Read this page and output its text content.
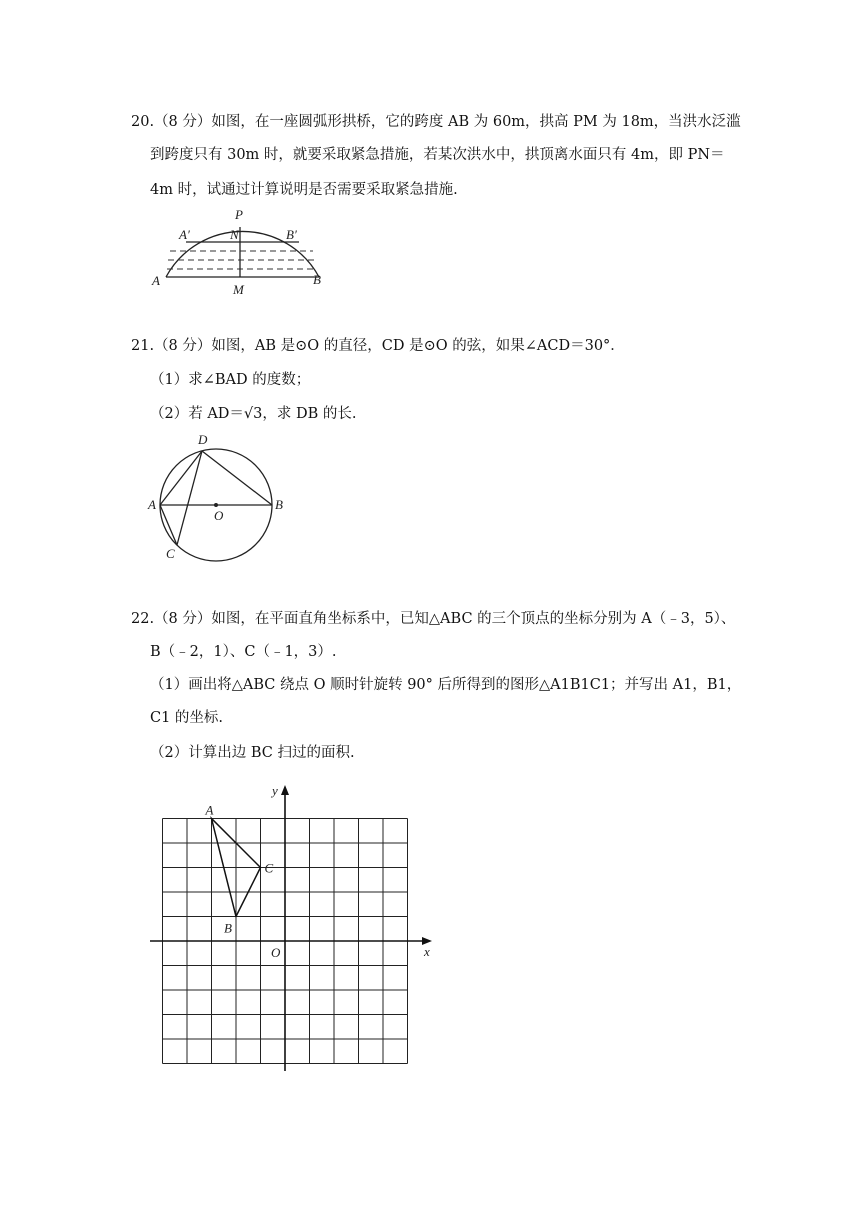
20.（8 分）如图，在一座圆弧形拱桥，它的跨度 AB 为 60m，拱高 PM 为 18m，当洪水泛滥
到跨度只有 30m 时，就要采取紧急措施，若某次洪水中，拱顶离水面只有 4m，即 PN＝
4m 时，试通过计算说明是否需要采取紧急措施.
P
N
A′	B′
A
M
B
21.（8 分）如图，AB 是⊙O 的直径，CD 是⊙O 的弦，如果∠ACD＝30°．
（1）求∠BAD 的度数；
（2）若 AD＝√3，求 DB 的长.
D
A
O
B
C
22.（8 分）如图，在平面直角坐标系中，已知△ABC 的三个顶点的坐标分别为 A（﹣3，5）、
B（﹣2，1）、C（﹣1，3）.
（1）画出将△ABC 绕点 O 顺时针旋转 90° 后所得到的图形△A1B1C1；并写出 A1，B1，
C1 的坐标.
（2）计算出边 BC 扫过的面积.
y
x
O
A
B
C
